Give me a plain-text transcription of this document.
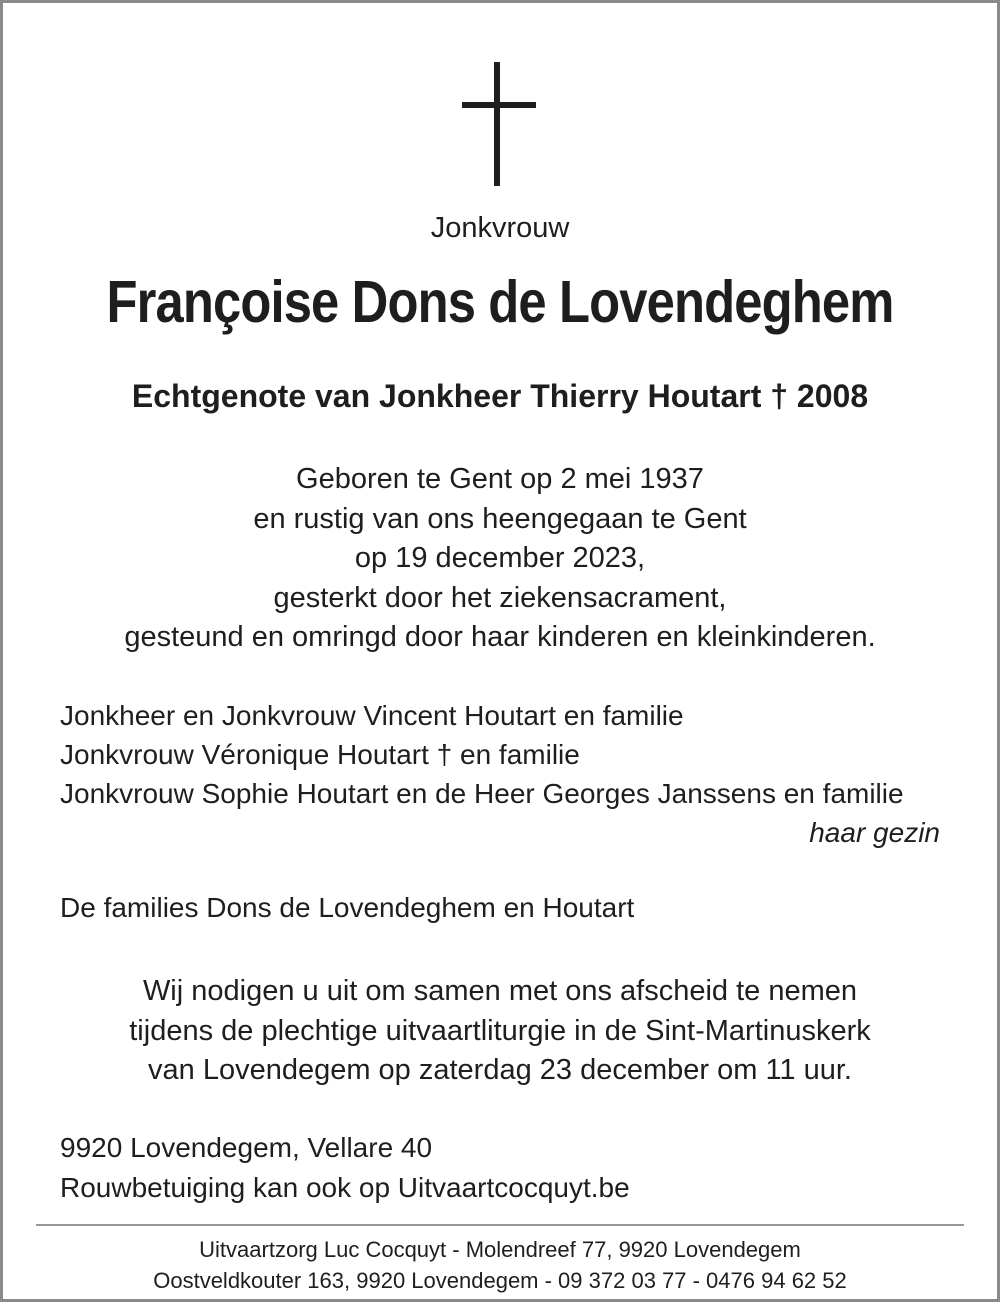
Jonkvrouw
Françoise Dons de Lovendeghem
Echtgenote van Jonkheer Thierry Houtart † 2008
Geboren te Gent op 2 mei 1937
en rustig van ons heengegaan te Gent
op 19 december 2023,
gesterkt door het ziekensacrament,
gesteund en omringd door haar kinderen en kleinkinderen.
Jonkheer en Jonkvrouw Vincent Houtart en familie
Jonkvrouw Véronique Houtart † en familie
Jonkvrouw Sophie Houtart en de Heer Georges Janssens en familie
haar gezin
De families Dons de Lovendeghem en Houtart
Wij nodigen u uit om samen met ons afscheid te nemen
tijdens de plechtige uitvaartliturgie in de Sint-Martinuskerk
van Lovendegem op zaterdag 23 december om 11 uur.
9920 Lovendegem, Vellare 40
Rouwbetuiging kan ook op Uitvaartcocquyt.be
Uitvaartzorg Luc Cocquyt - Molendreef 77, 9920 Lovendegem
Oostveldkouter 163, 9920 Lovendegem - 09 372 03 77 - 0476 94 62 52
